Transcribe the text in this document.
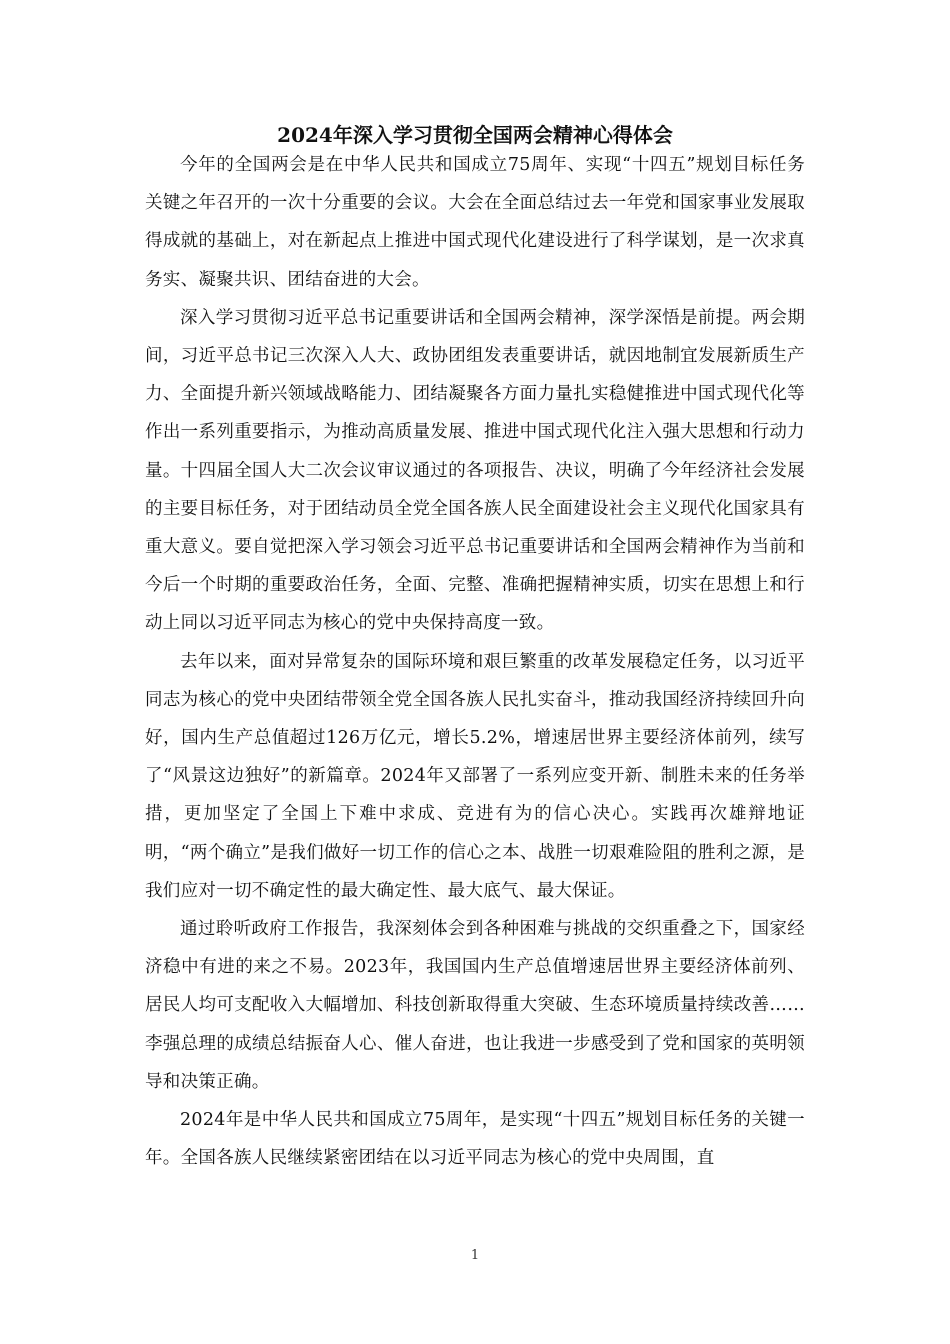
2024年深入学习贯彻全国两会精神心得体会

今年的全国两会是在中华人民共和国成立75周年、实现“十四五”规划目标任务关键之年召开的一次十分重要的会议。大会在全面总结过去一年党和国家事业发展取得成就的基础上，对在新起点上推进中国式现代化建设进行了科学谋划，是一次求真务实、凝聚共识、团结奋进的大会。

深入学习贯彻习近平总书记重要讲话和全国两会精神，深学深悟是前提。两会期间，习近平总书记三次深入人大、政协团组发表重要讲话，就因地制宜发展新质生产力、全面提升新兴领域战略能力、团结凝聚各方面力量扎实稳健推进中国式现代化等作出一系列重要指示，为推动高质量发展、推进中国式现代化注入强大思想和行动力量。十四届全国人大二次会议审议通过的各项报告、决议，明确了今年经济社会发展的主要目标任务，对于团结动员全党全国各族人民全面建设社会主义现代化国家具有重大意义。要自觉把深入学习领会习近平总书记重要讲话和全国两会精神作为当前和今后一个时期的重要政治任务，全面、完整、准确把握精神实质，切实在思想上和行动上同以习近平同志为核心的党中央保持高度一致。

去年以来，面对异常复杂的国际环境和艰巨繁重的改革发展稳定任务，以习近平同志为核心的党中央团结带领全党全国各族人民扎实奋斗，推动我国经济持续回升向好，国内生产总值超过126万亿元，增长5.2%，增速居世界主要经济体前列，续写了“风景这边独好”的新篇章。2024年又部署了一系列应变开新、制胜未来的任务举措，更加坚定了全国上下难中求成、竞进有为的信心决心。实践再次雄辩地证明，“两个确立”是我们做好一切工作的信心之本、战胜一切艰难险阻的胜利之源，是我们应对一切不确定性的最大确定性、最大底气、最大保证。

通过聆听政府工作报告，我深刻体会到各种困难与挑战的交织重叠之下，国家经济稳中有进的来之不易。2023年，我国国内生产总值增速居世界主要经济体前列、居民人均可支配收入大幅增加、科技创新取得重大突破、生态环境质量持续改善……李强总理的成绩总结振奋人心、催人奋进，也让我进一步感受到了党和国家的英明领导和决策正确。

2024年是中华人民共和国成立75周年，是实现“十四五”规划目标任务的关键一年。全国各族人民继续紧密团结在以习近平同志为核心的党中央周围，直

1
